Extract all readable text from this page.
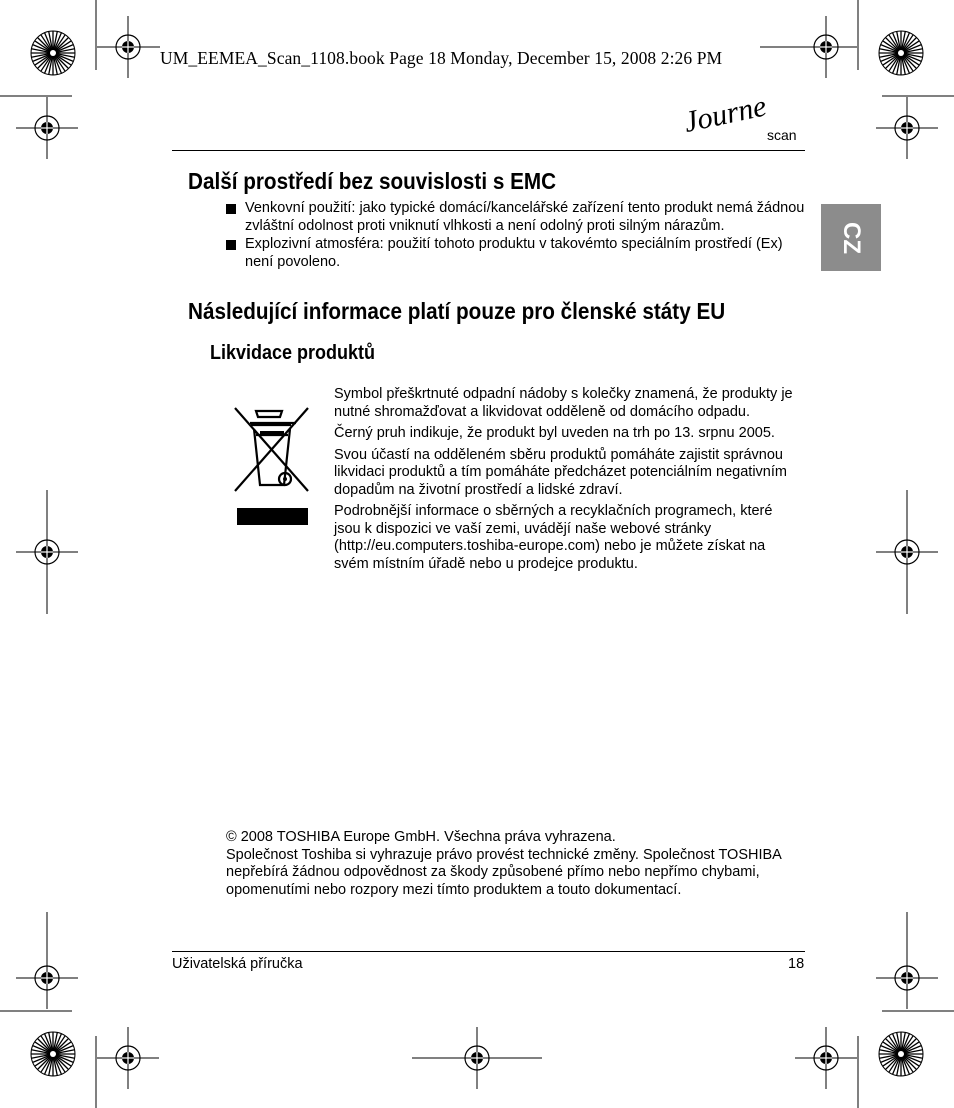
UM_EEMEA_Scan_1108.book Page 18 Monday, December 15, 2008 2:26 PM
Journe
scan
CZ
Další prostředí bez souvislosti s EMC
Venkovní použití: jako typické domácí/kancelářské zařízení tento produkt nemá žádnou zvláštní odolnost proti vniknutí vlhkosti a není odolný proti silným nárazům.
Explozivní atmosféra: použití tohoto produktu v takovémto speciálním prostředí (Ex) není povoleno.
Následující informace platí pouze pro členské státy EU
Likvidace produktů

Symbol přeškrtnuté odpadní nádoby s kolečky znamená, že produkty je nutné shromažďovat a likvidovat odděleně od domácího odpadu.

Černý pruh indikuje, že produkt byl uveden na trh po 13. srpnu 2005.

Svou účastí na odděleném sběru produktů pomáháte zajistit správnou likvidaci produktů a tím pomáháte předcházet potenciálním negativním dopadům na životní prostředí a lidské zdraví.

Podrobnější informace o sběrných a recyklačních programech, které jsou k dispozici ve vaší zemi, uvádějí naše webové stránky (http://eu.computers.toshiba-europe.com) nebo je můžete získat na svém místním úřadě nebo u prodejce produktu.

© 2008 TOSHIBA Europe GmbH. Všechna práva vyhrazena.

Společnost Toshiba si vyhrazuje právo provést technické změny. Společnost TOSHIBA nepřebírá žádnou odpovědnost za škody způsobené přímo nebo nepřímo chybami, opomenutími nebo rozpory mezi tímto produktem a touto dokumentací.

Uživatelská příručka	18
